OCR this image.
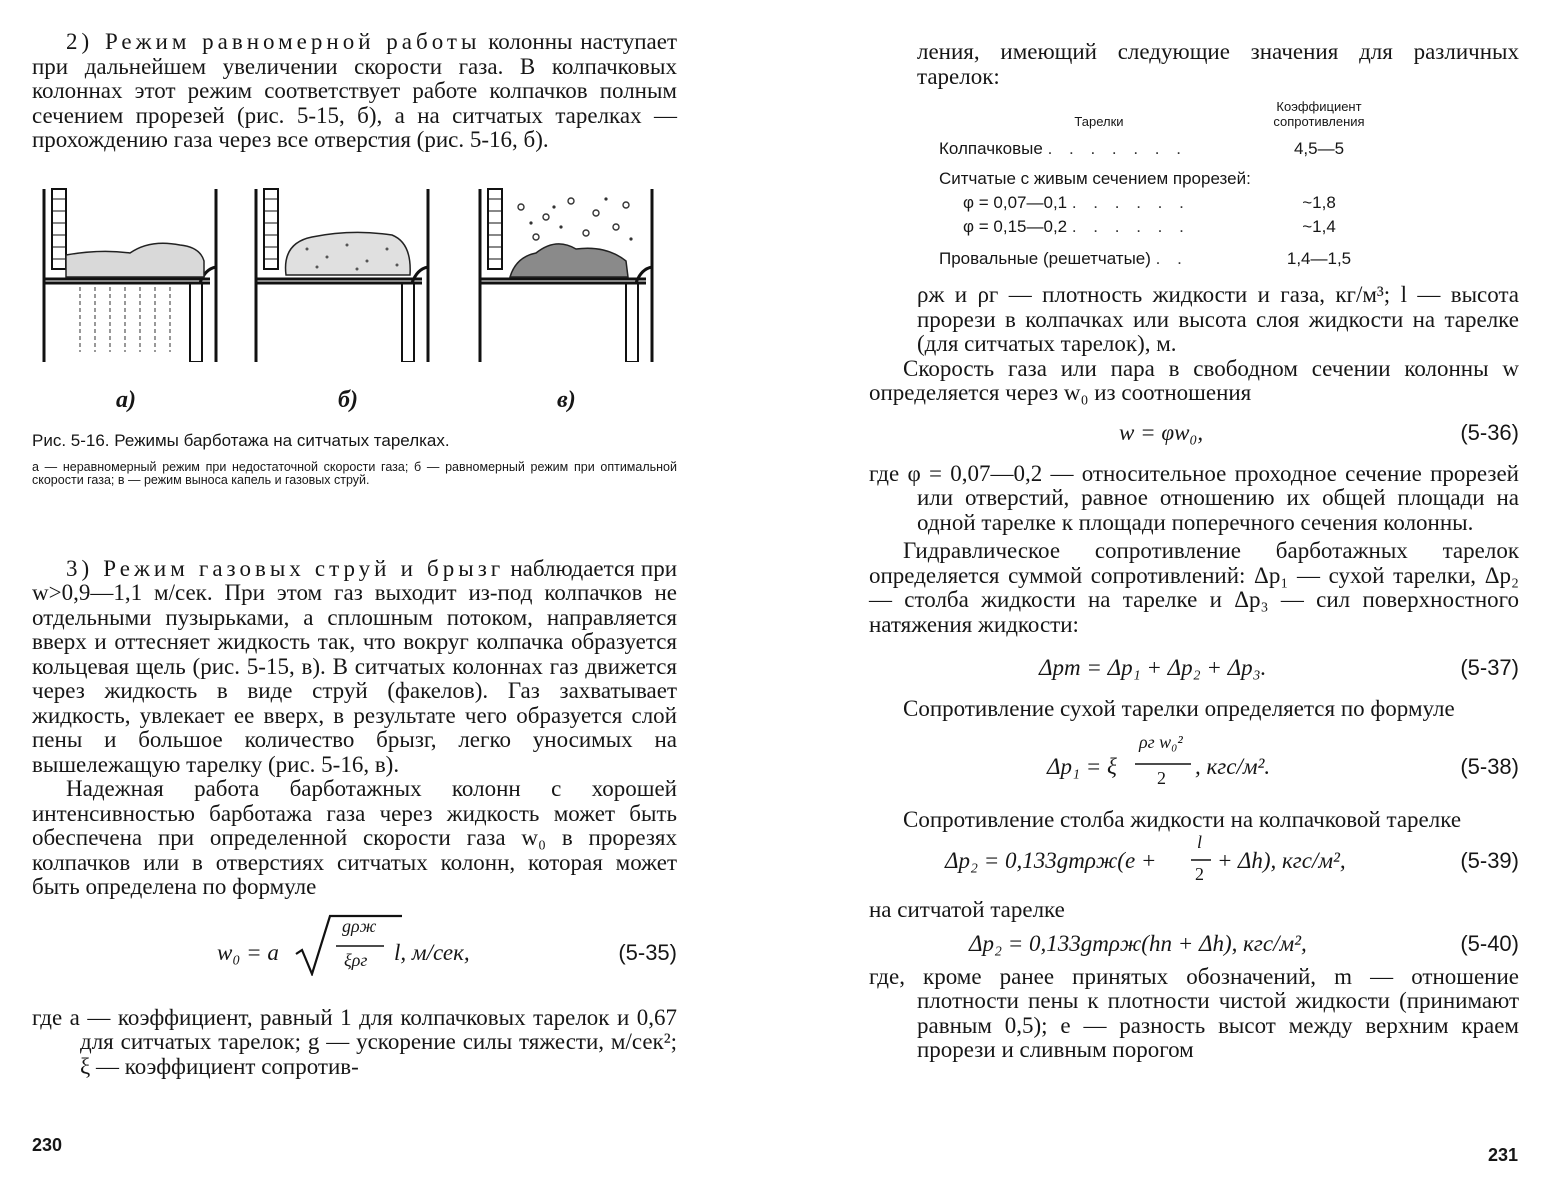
2) Режим равномерной работы колонны наступает при дальнейшем увеличении скорости газа. В колпачковых колоннах этот режим соответствует работе колпачков полным сечением прорезей (рис. 5-15, б), а на ситчатых тарелках — прохождению газа через все отверстия (рис. 5-16, б).

а)	б)	в)

Рис. 5-16. Режимы барботажа на ситчатых тарелках.

а — неравномерный режим при недостаточной скорости газа; б — равномерный режим при оптимальной скорости газа; в — режим выноса капель и газовых струй.

3) Режим газовых струй и брызг наблюдается при w>0,9—1,1 м/сек. При этом газ выходит из-под колпачков не отдельными пузырьками, а сплошным потоком, направляется вверх и оттесняет жидкость так, что вокруг колпачка образуется кольцевая щель (рис. 5-15, в). В ситчатых колоннах газ движется через жидкость в виде струй (факелов). Газ захватывает жидкость, увлекает ее вверх, в результате чего образуется слой пены и большое количество брызг, легко уносимых на вышележащую тарелку (рис. 5-16, в).

Надежная работа барботажных колонн с хорошей интенсивностью барботажа газа через жидкость может быть обеспечена при определенной скорости газа w₀ в прорезях колпачков или в отверстиях ситчатых колонн, которая может быть определена по формуле

w₀ = a
gρж
ξρг l, м/сек,	(5-35)

где a — коэффициент, равный 1 для колпачковых тарелок и 0,67 для ситчатых тарелок; g — ускорение силы тяжести, м/сек²; ξ — коэффициент сопротив-

230

ления, имеющий следующие значения для различных тарелок:

Тарелки	Коэффициент сопротивления
Колпачковые . . . . . . .	4,5—5
Ситчатые с живым сечением прорезей:	
φ = 0,07—0,1 . . . . . .	~1,8
φ = 0,15—0,2 . . . . . .	~1,4
Провальные (решетчатые) . .	1,4—1,5

ρж и ρг — плотность жидкости и газа, кг/м³; l — высота прорези в колпачках или высота слоя жидкости на тарелке (для ситчатых тарелок), м.

Скорость газа или пара в свободном сечении колонны w определяется через w₀ из соотношения

w = φw₀,	(5-36)

где φ = 0,07—0,2 — относительное проходное сечение прорезей или отверстий, равное отношению их общей площади на одной тарелке к площади поперечного сечения колонны.

Гидравлическое сопротивление барботажных тарелок определяется суммой сопротивлений: Δp₁ — сухой тарелки, Δp₂ — столба жидкости на тарелке и Δp₃ — сил поверхностного натяжения жидкости:

Δpт = Δp₁ + Δp₂ + Δp₃.	(5-37)

Сопротивление сухой тарелки определяется по формуле

Δp₁ = ξ
ρг w₀²
2 , кгс/м².	(5-38)

Сопротивление столба жидкости на колпачковой тарелке

Δp₂ = 0,133gmρж(e +
l
2
+ Δh), кгс/м²,	(5-39)

на ситчатой тарелке

Δp₂ = 0,133gmρж(hп + Δh), кгс/м²,	(5-40)

где, кроме ранее принятых обозначений, m — отношение плотности пены к плотности чистой жидкости (принимают равным 0,5); e — разность высот между верхним краем прорези и сливным порогом

231
